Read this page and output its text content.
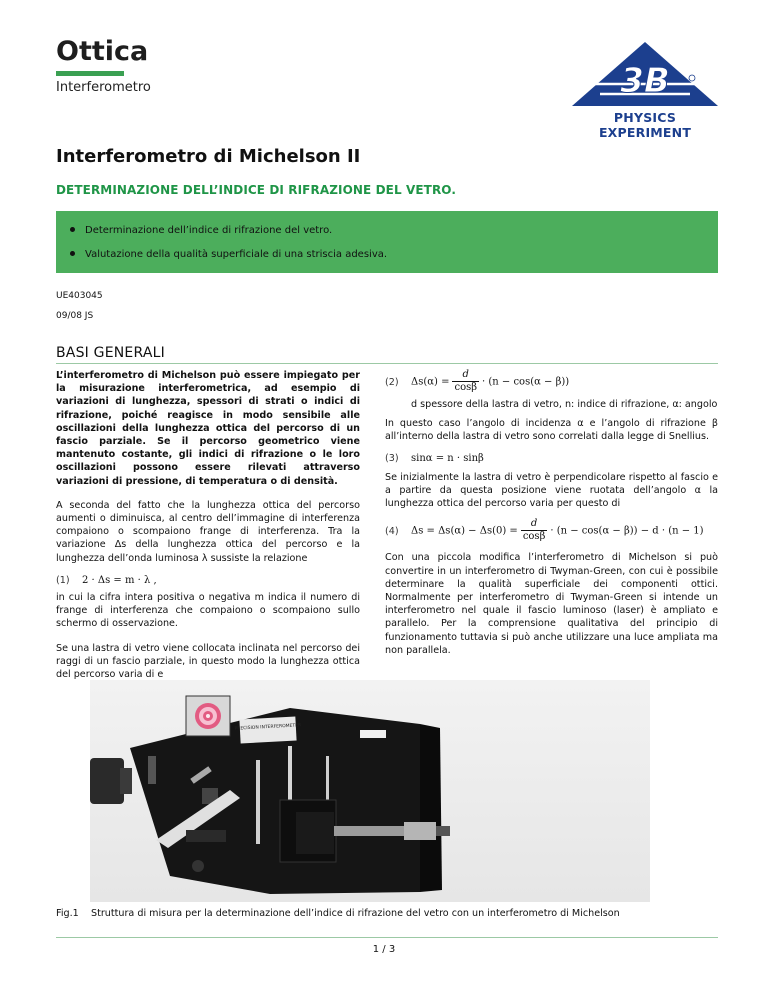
Ottica
Interferometro	3B
PHYSICS EXPERIMENT
Interferometro di Michelson II
DETERMINAZIONE DELL’INDICE DI RIFRAZIONE DEL VETRO.
Determinazione dell’indice di rifrazione del vetro.
Valutazione della qualità superficiale di una striscia adesiva.
UE403045
09/08 JS
BASI GENERALI

L’interferometro di Michelson può essere impiegato per la misurazione interferometrica, ad esempio di variazioni di lunghezza, spessori di strati o indici di rifrazione, poiché reagisce in modo sensibile alle oscillazioni della lunghezza ottica del percorso di un fascio parziale. Se il percorso geometrico viene mantenuto costante, gli indici di rifrazione o le loro oscillazioni possono essere rilevati attraverso variazioni di pressione, di temperatura o di densità.

A seconda del fatto che la lunghezza ottica del percorso aumenti o diminuisca, al centro dell’immagine di interferenza compaiono o scompaiono frange di interferenza. Tra la variazione Δs della lunghezza ottica del percorso e la lunghezza dell’onda luminosa λ sussiste la relazione

(1) 2 · Δs = m · λ ,

in cui la cifra intera positiva o negativa m indica il numero di frange di interferenza che compaiono o scompaiono sullo schermo di osservazione.

Se una lastra di vetro viene collocata inclinata nel percorso dei raggi di un fascio parziale, in questo modo la lunghezza ottica del percorso varia di e

(2) $\Delta s(\alpha) = \frac{d}{\cos\beta} \cdot (n - \cos(\alpha - \beta))$

d spessore della lastra di vetro, n: indice di rifrazione, α: angolo

In questo caso l’angolo di incidenza α e l’angolo di rifrazione β all’interno della lastra di vetro sono correlati dalla legge di Snellius.

(3) sinα = n · sinβ

Se inizialmente la lastra di vetro è perpendicolare rispetto al fascio e a partire da questa posizione viene ruotata dell’angolo α la lunghezza ottica del percorso varia per questo di

(4) $\Delta s = \Delta s(\alpha) - \Delta s(0) = \frac{d}{\cos\beta} \cdot (n - \cos(\alpha - \beta)) - d \cdot (n - 1)$

Con una piccola modifica l’interferometro di Michelson si può convertire in un interferometro di Twyman-Green, con cui è possibile determinare la qualità superficiale dei componenti ottici. Normalmente per interferometro di Twyman-Green si intende un interferometro nel quale il fascio luminoso (laser) è ampliato e parallelo. Per la comprensione qualitativa del principio di funzionamento tuttavia si può anche utilizzare una luce ampliata ma non parallela.

PRECISION INTERFEROMETER
Fig.1 Struttura di misura per la determinazione dell’indice di rifrazione del vetro con un interferometro di Michelson
1 / 3
